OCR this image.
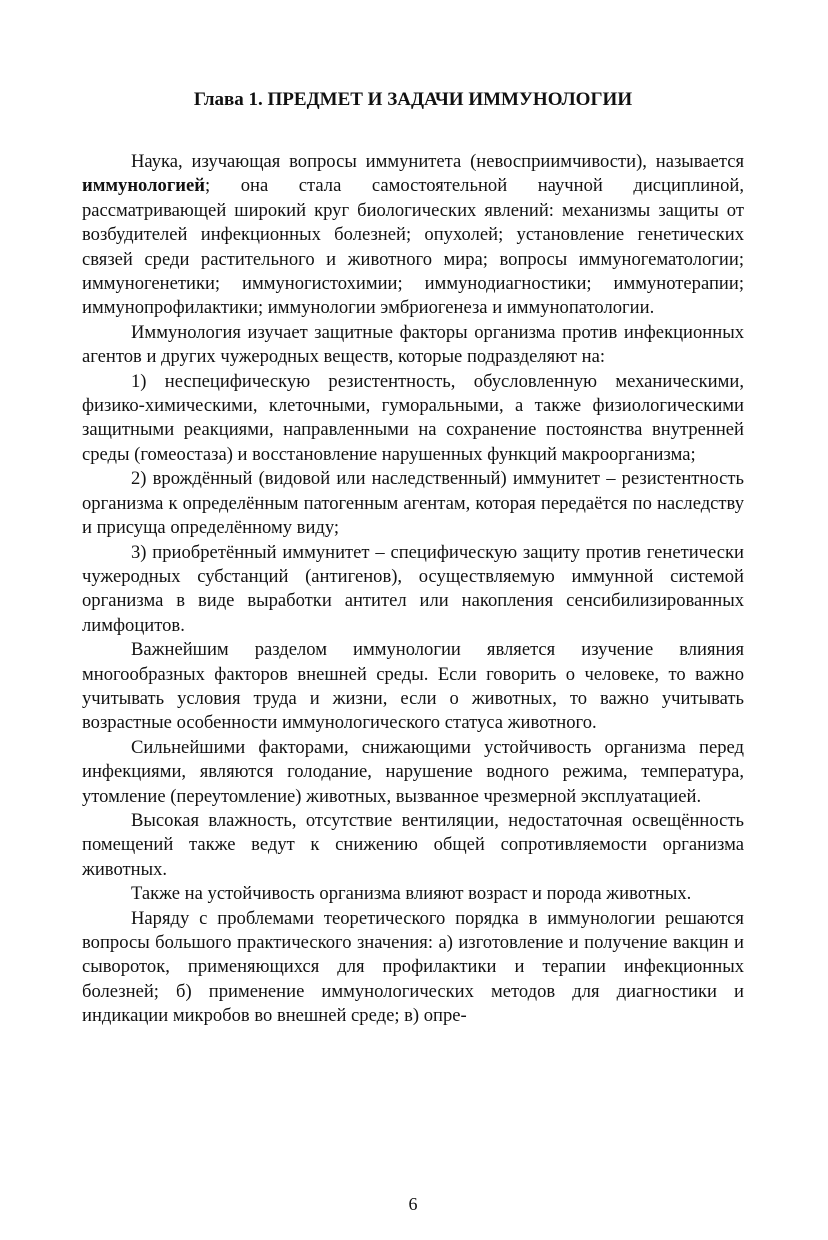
Глава 1. ПРЕДМЕТ И ЗАДАЧИ ИММУНОЛОГИИ

Наука, изучающая вопросы иммунитета (невосприимчивости), называется иммунологией; она стала самостоятельной научной дисциплиной, рассматривающей широкий круг биологических явлений: механизмы защиты от возбудителей инфекционных болезней; опухолей; установление генетических связей среди растительного и животного мира; вопросы иммуногематологии; иммуногенетики; иммуногистохимии; иммунодиагностики; иммунотерапии; иммунопрофилактики; иммунологии эмбриогенеза и иммунопатологии.

Иммунология изучает защитные факторы организма против инфекционных агентов и других чужеродных веществ, которые подразделяют на:

1) неспецифическую резистентность, обусловленную механическими, физико-химическими, клеточными, гуморальными, а также физиологическими защитными реакциями, направленными на сохранение постоянства внутренней среды (гомеостаза) и восстановление нарушенных функций макроорганизма;

2) врождённый (видовой или наследственный) иммунитет – резистентность организма к определённым патогенным агентам, которая передаётся по наследству и присуща определённому виду;

3) приобретённый иммунитет – специфическую защиту против генетически чужеродных субстанций (антигенов), осуществляемую иммунной системой организма в виде выработки антител или накопления сенсибилизированных лимфоцитов.

Важнейшим разделом иммунологии является изучение влияния многообразных факторов внешней среды. Если говорить о человеке, то важно учитывать условия труда и жизни, если о животных, то важно учитывать возрастные особенности иммунологического статуса животного.

Сильнейшими факторами, снижающими устойчивость организма перед инфекциями, являются голодание, нарушение водного режима, температура, утомление (переутомление) животных, вызванное чрезмерной эксплуатацией.

Высокая влажность, отсутствие вентиляции, недостаточная освещённость помещений также ведут к снижению общей сопротивляемости организма животных.

Также на устойчивость организма влияют возраст и порода животных.

Наряду с проблемами теоретического порядка в иммунологии решаются вопросы большого практического значения: а) изготовление и получение вакцин и сывороток, применяющихся для профилактики и терапии инфекционных болезней; б) применение иммунологических методов для диагностики и индикации микробов во внешней среде; в) опре-

6
